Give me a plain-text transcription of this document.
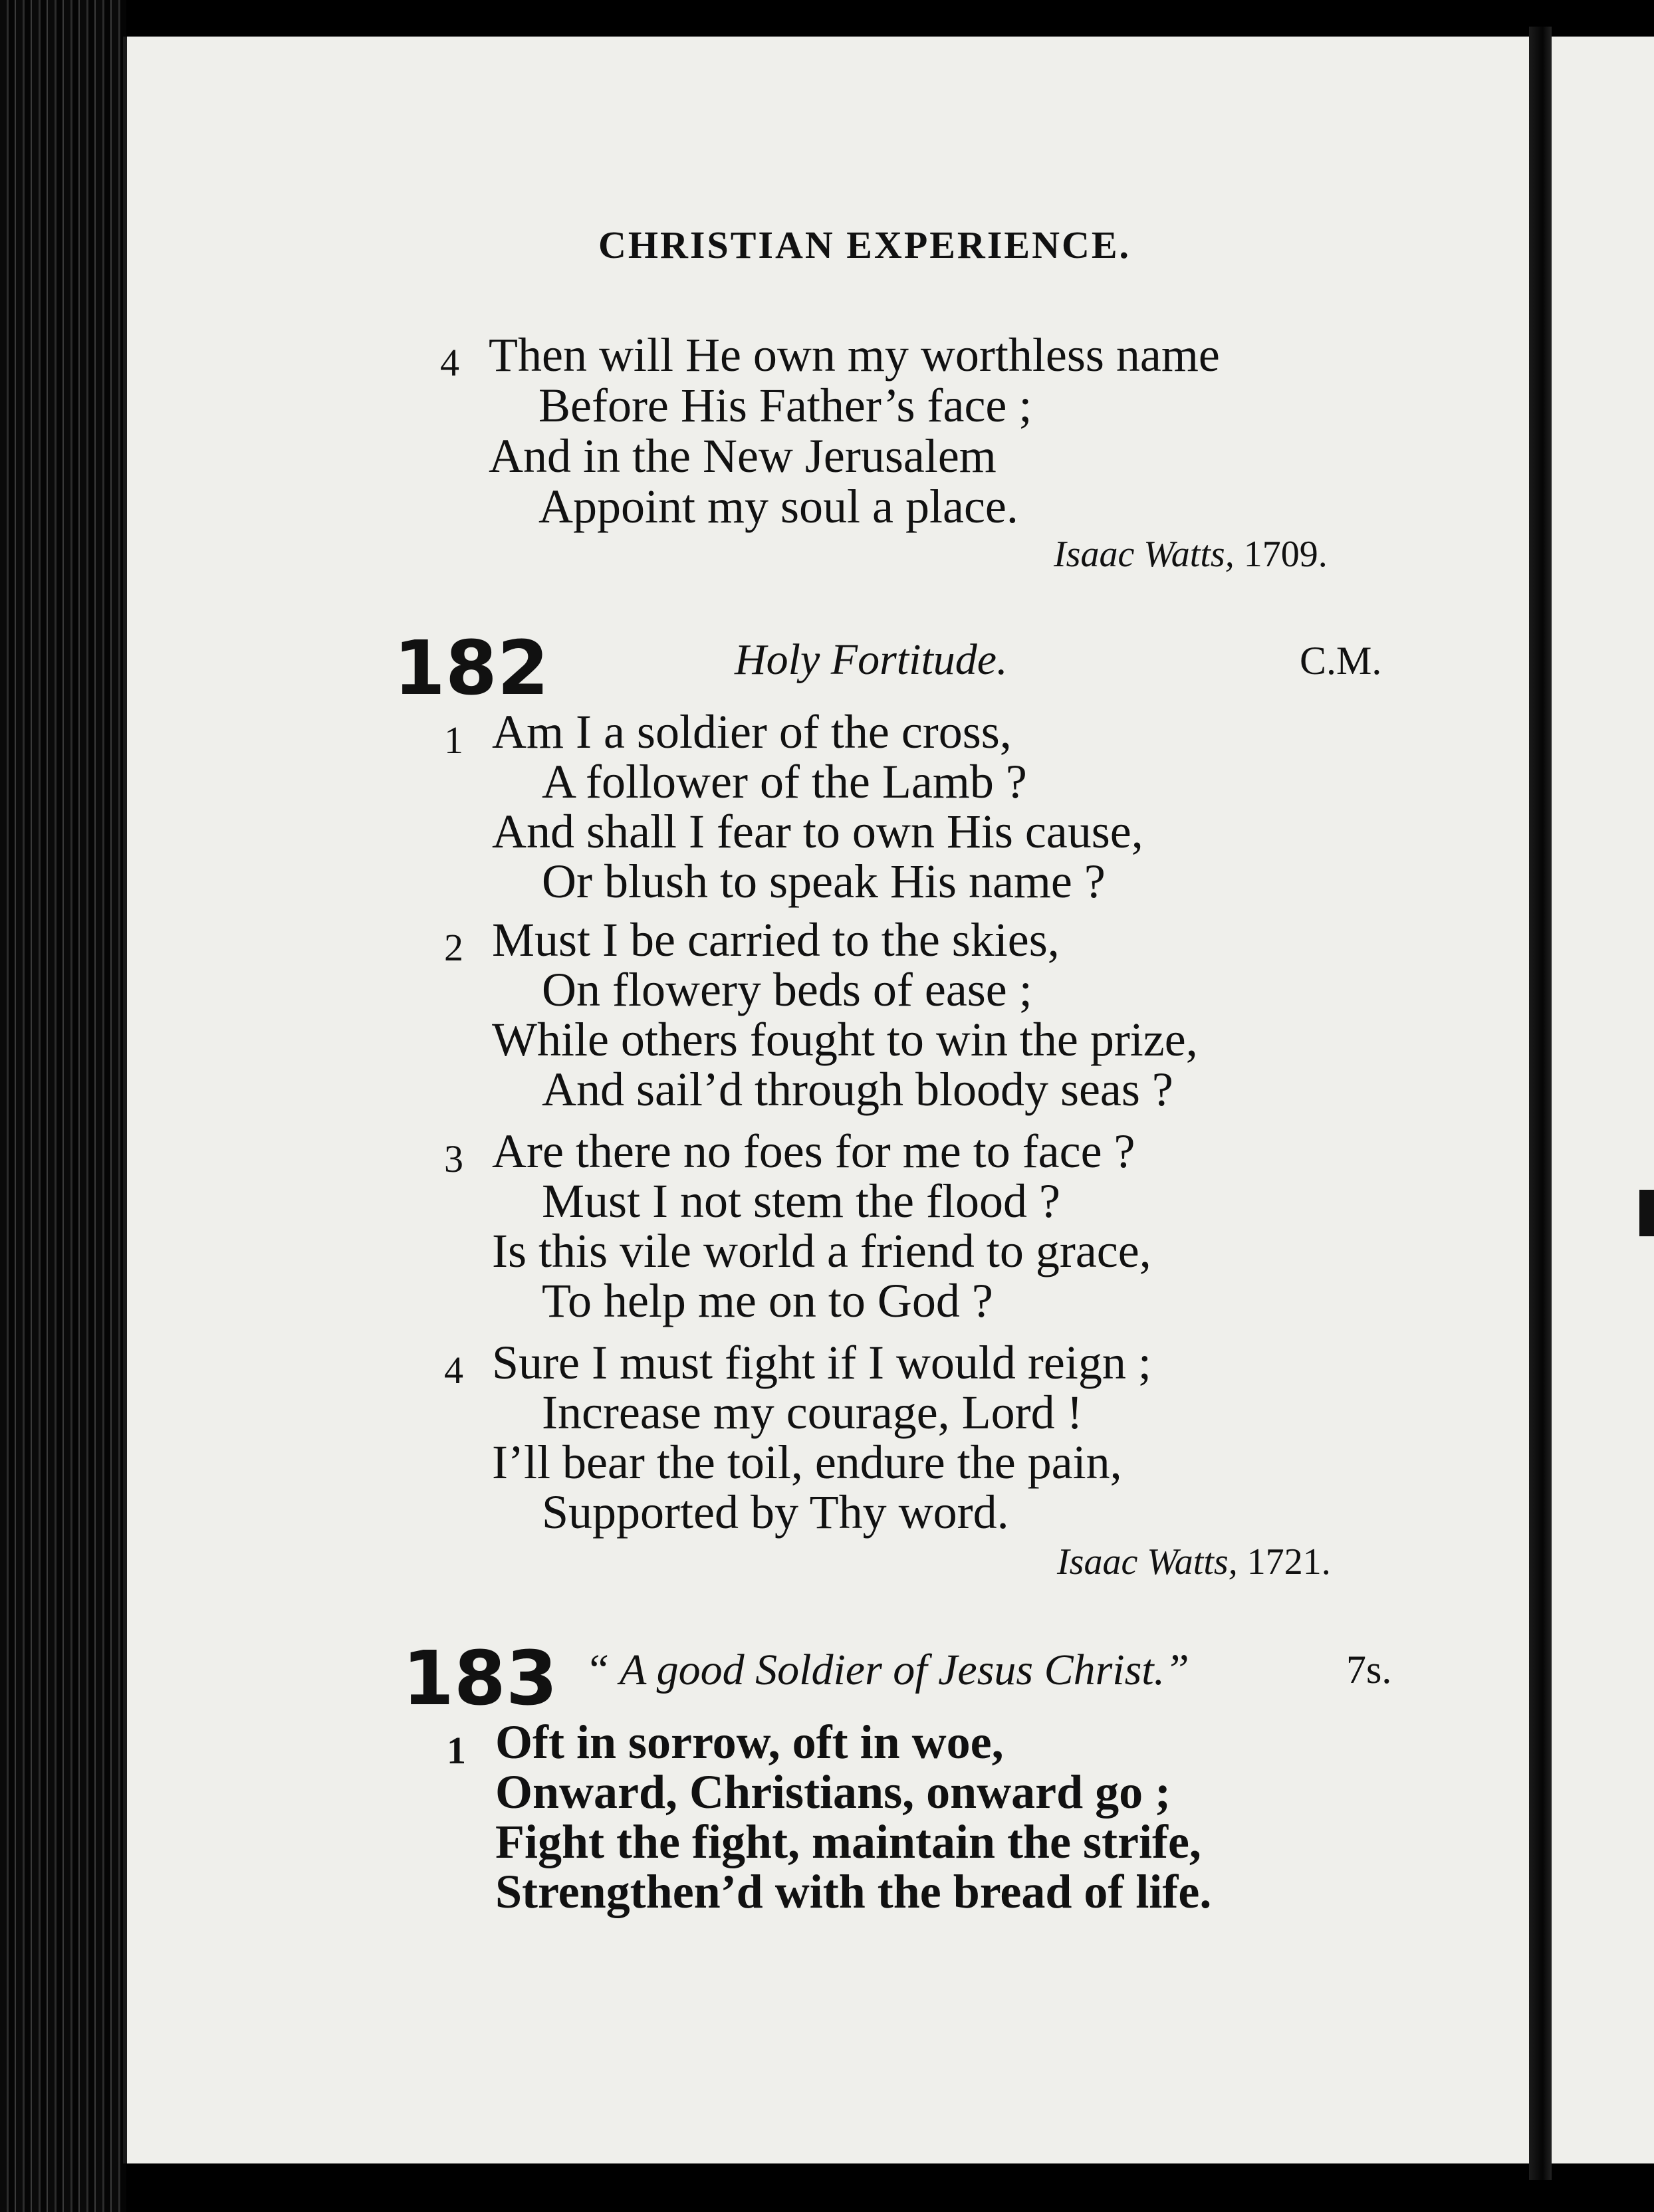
CHRISTIAN EXPERIENCE.
4 Then will He own my worthless name
Before His Father’s face ;
And in the New Jerusalem
Appoint my soul a place.
Isaac Watts, 1709.
182	Holy Fortitude.	C.M.
1 Am I a soldier of the cross,
A follower of the Lamb ?
And shall I fear to own His cause,
Or blush to speak His name ?
2 Must I be carried to the skies,
On flowery beds of ease ;
While others fought to win the prize,
And sail’d through bloody seas ?
3 Are there no foes for me to face ?
Must I not stem the flood ?
Is this vile world a friend to grace,
To help me on to God ?
4 Sure I must fight if I would reign ;
Increase my courage, Lord !
I’ll bear the toil, endure the pain,
Supported by Thy word.
Isaac Watts, 1721.
183 “ A good Soldier of Jesus Christ.”	7s.
1 Oft in sorrow, oft in woe,
Onward, Christians, onward go ;
Fight the fight, maintain the strife,
Strengthen’d with the bread of life.
